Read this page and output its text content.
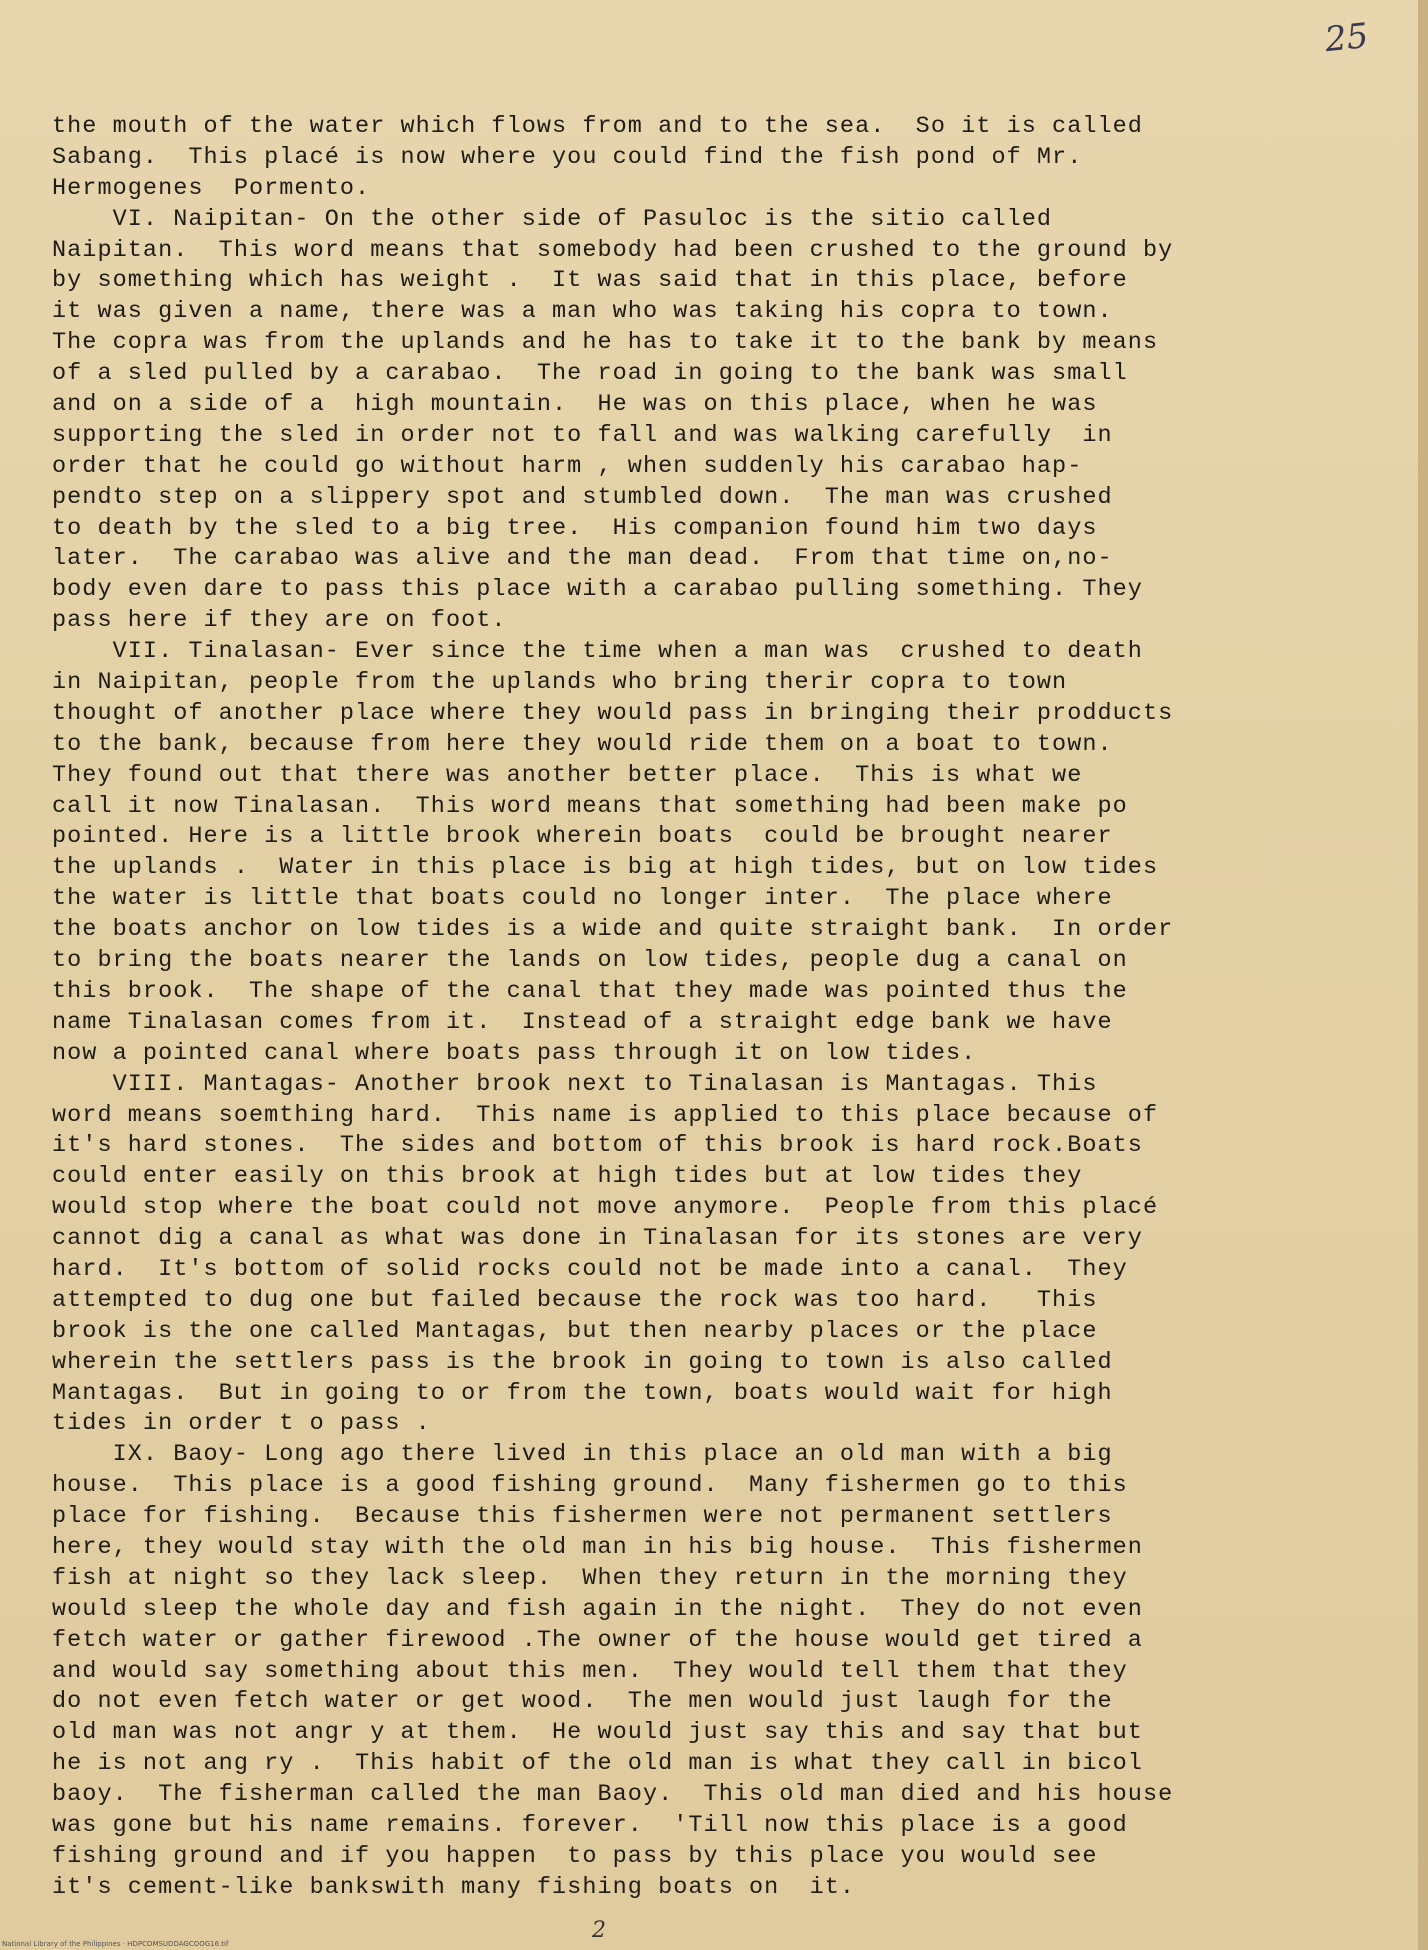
25
the mouth of the water which flows from and to the sea.  So it is called
Sabang.  This placé is now where you could find the fish pond of Mr.
Hermogenes  Pormento.
VI. Naipitan- On the other side of Pasuloc is the sitio called
Naipitan.  This word means that somebody had been crushed to the ground by
by something which has weight .  It was said that in this place, before
it was given a name, there was a man who was taking his copra to town.
The copra was from the uplands and he has to take it to the bank by means
of a sled pulled by a carabao.  The road in going to the bank was small
and on a side of a  high mountain.  He was on this place, when he was
supporting the sled in order not to fall and was walking carefully  in
order that he could go without harm , when suddenly his carabao hap-
pendto step on a slippery spot and stumbled down.  The man was crushed
to death by the sled to a big tree.  His companion found him two days
later.  The carabao was alive and the man dead.  From that time on,no-
body even dare to pass this place with a carabao pulling something. They
pass here if they are on foot.
VII. Tinalasan- Ever since the time when a man was  crushed to death
in Naipitan, people from the uplands who bring therir copra to town
thought of another place where they would pass in bringing their prodducts
to the bank, because from here they would ride them on a boat to town.
They found out that there was another better place.  This is what we
call it now Tinalasan.  This word means that something had been make po
pointed. Here is a little brook wherein boats  could be brought nearer
the uplands .  Water in this place is big at high tides, but on low tides
the water is little that boats could no longer inter.  The place where
the boats anchor on low tides is a wide and quite straight bank.  In order
to bring the boats nearer the lands on low tides, people dug a canal on
this brook.  The shape of the canal that they made was pointed thus the
name Tinalasan comes from it.  Instead of a straight edge bank we have
now a pointed canal where boats pass through it on low tides.
VIII. Mantagas- Another brook next to Tinalasan is Mantagas. This
word means soemthing hard.  This name is applied to this place because of
it's hard stones.  The sides and bottom of this brook is hard rock.Boats
could enter easily on this brook at high tides but at low tides they
would stop where the boat could not move anymore.  People from this placé
cannot dig a canal as what was done in Tinalasan for its stones are very
hard.  It's bottom of solid rocks could not be made into a canal.  They
attempted to dug one but failed because the rock was too hard.   This
brook is the one called Mantagas, but then nearby places or the place
wherein the settlers pass is the brook in going to town is also called
Mantagas.  But in going to or from the town, boats would wait for high
tides in order t o pass .
IX. Baoy- Long ago there lived in this place an old man with a big
house.  This place is a good fishing ground.  Many fishermen go to this
place for fishing.  Because this fishermen were not permanent settlers
here, they would stay with the old man in his big house.  This fishermen
fish at night so they lack sleep.  When they return in the morning they
would sleep the whole day and fish again in the night.  They do not even
fetch water or gather firewood .The owner of the house would get tired a
and would say something about this men.  They would tell them that they
do not even fetch water or get wood.  The men would just laugh for the
old man was not angr y at them.  He would just say this and say that but
he is not ang ry .  This habit of the old man is what they call in bicol
baoy.  The fisherman called the man Baoy.  This old man died and his house
was gone but his name remains. forever.  'Till now this place is a good
fishing ground and if you happen  to pass by this place you would see
it's cement-like bankswith many fishing boats on  it.
2
National Library of the Philippines · HDPCOMSUDDAGCOOG16.tif
